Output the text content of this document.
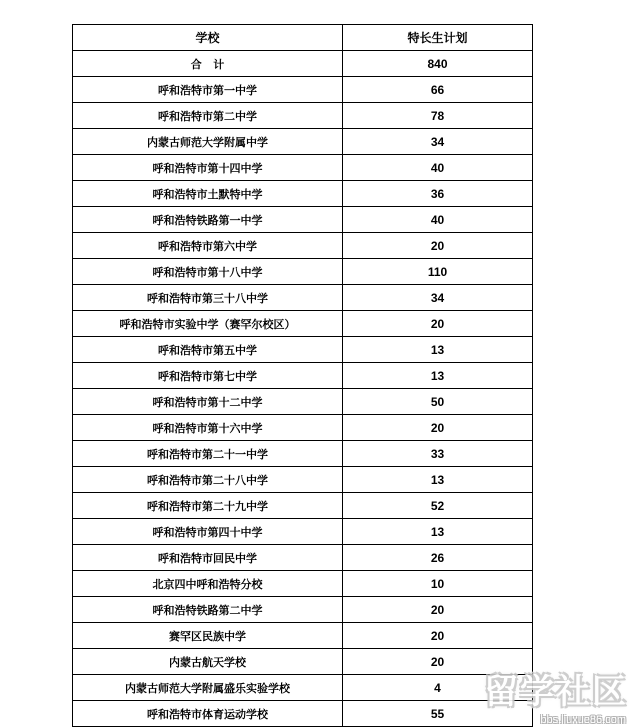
学校	特长生计划
合   计	840
呼和浩特市第一中学	66
呼和浩特市第二中学	78
内蒙古师范大学附属中学	34
呼和浩特市第十四中学	40
呼和浩特市土默特中学	36
呼和浩特铁路第一中学	40
呼和浩特市第六中学	20
呼和浩特市第十八中学	110
呼和浩特市第三十八中学	34
呼和浩特市实验中学（赛罕尔校区）	20
呼和浩特市第五中学	13
呼和浩特市第七中学	13
呼和浩特市第十二中学	50
呼和浩特市第十六中学	20
呼和浩特市第二十一中学	33
呼和浩特市第二十八中学	13
呼和浩特市第二十九中学	52
呼和浩特市第四十中学	13
呼和浩特市回民中学	26
北京四中呼和浩特分校	10
呼和浩特铁路第二中学	20
赛罕区民族中学	20
内蒙古航天学校	20
内蒙古师范大学附属盛乐实验学校	4
呼和浩特市体育运动学校	55
留学社区
bbs.liuxue86.com
